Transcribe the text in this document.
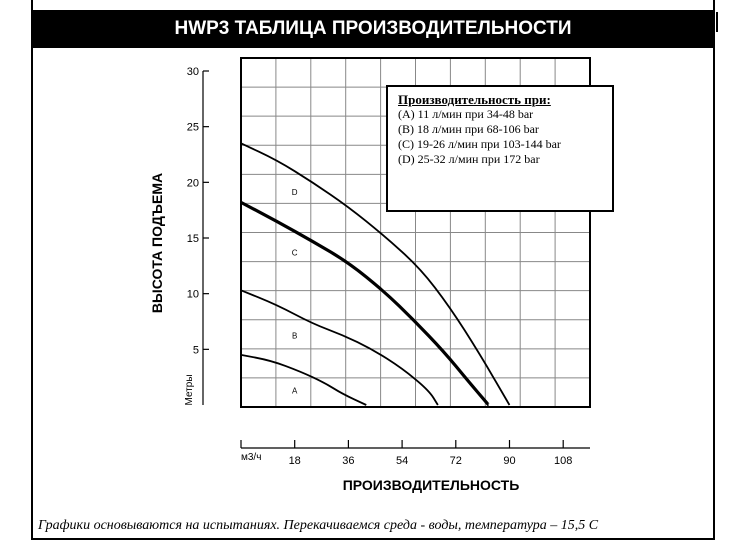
HWP3 ТАБЛИЦА ПРОИЗВОДИТЕЛЬНОСТИ
5
10
15
20
25
30
18	36	54	72	90	108
A
B
C
D
ВЫСОТА ПОДЪЕМА
Метры
м3/ч
ПРОИЗВОДИТЕЛЬНОСТЬ
Производительность при:
(A) 11 л/мин при 34-48 bar
(B) 18 л/мин при 68-106 bar
(C) 19-26 л/мин при 103-144 bar
(D) 25-32 л/мин при 172 bar
Графики основываются на испытаниях. Перекачиваемся среда - воды, температура – 15,5 С
